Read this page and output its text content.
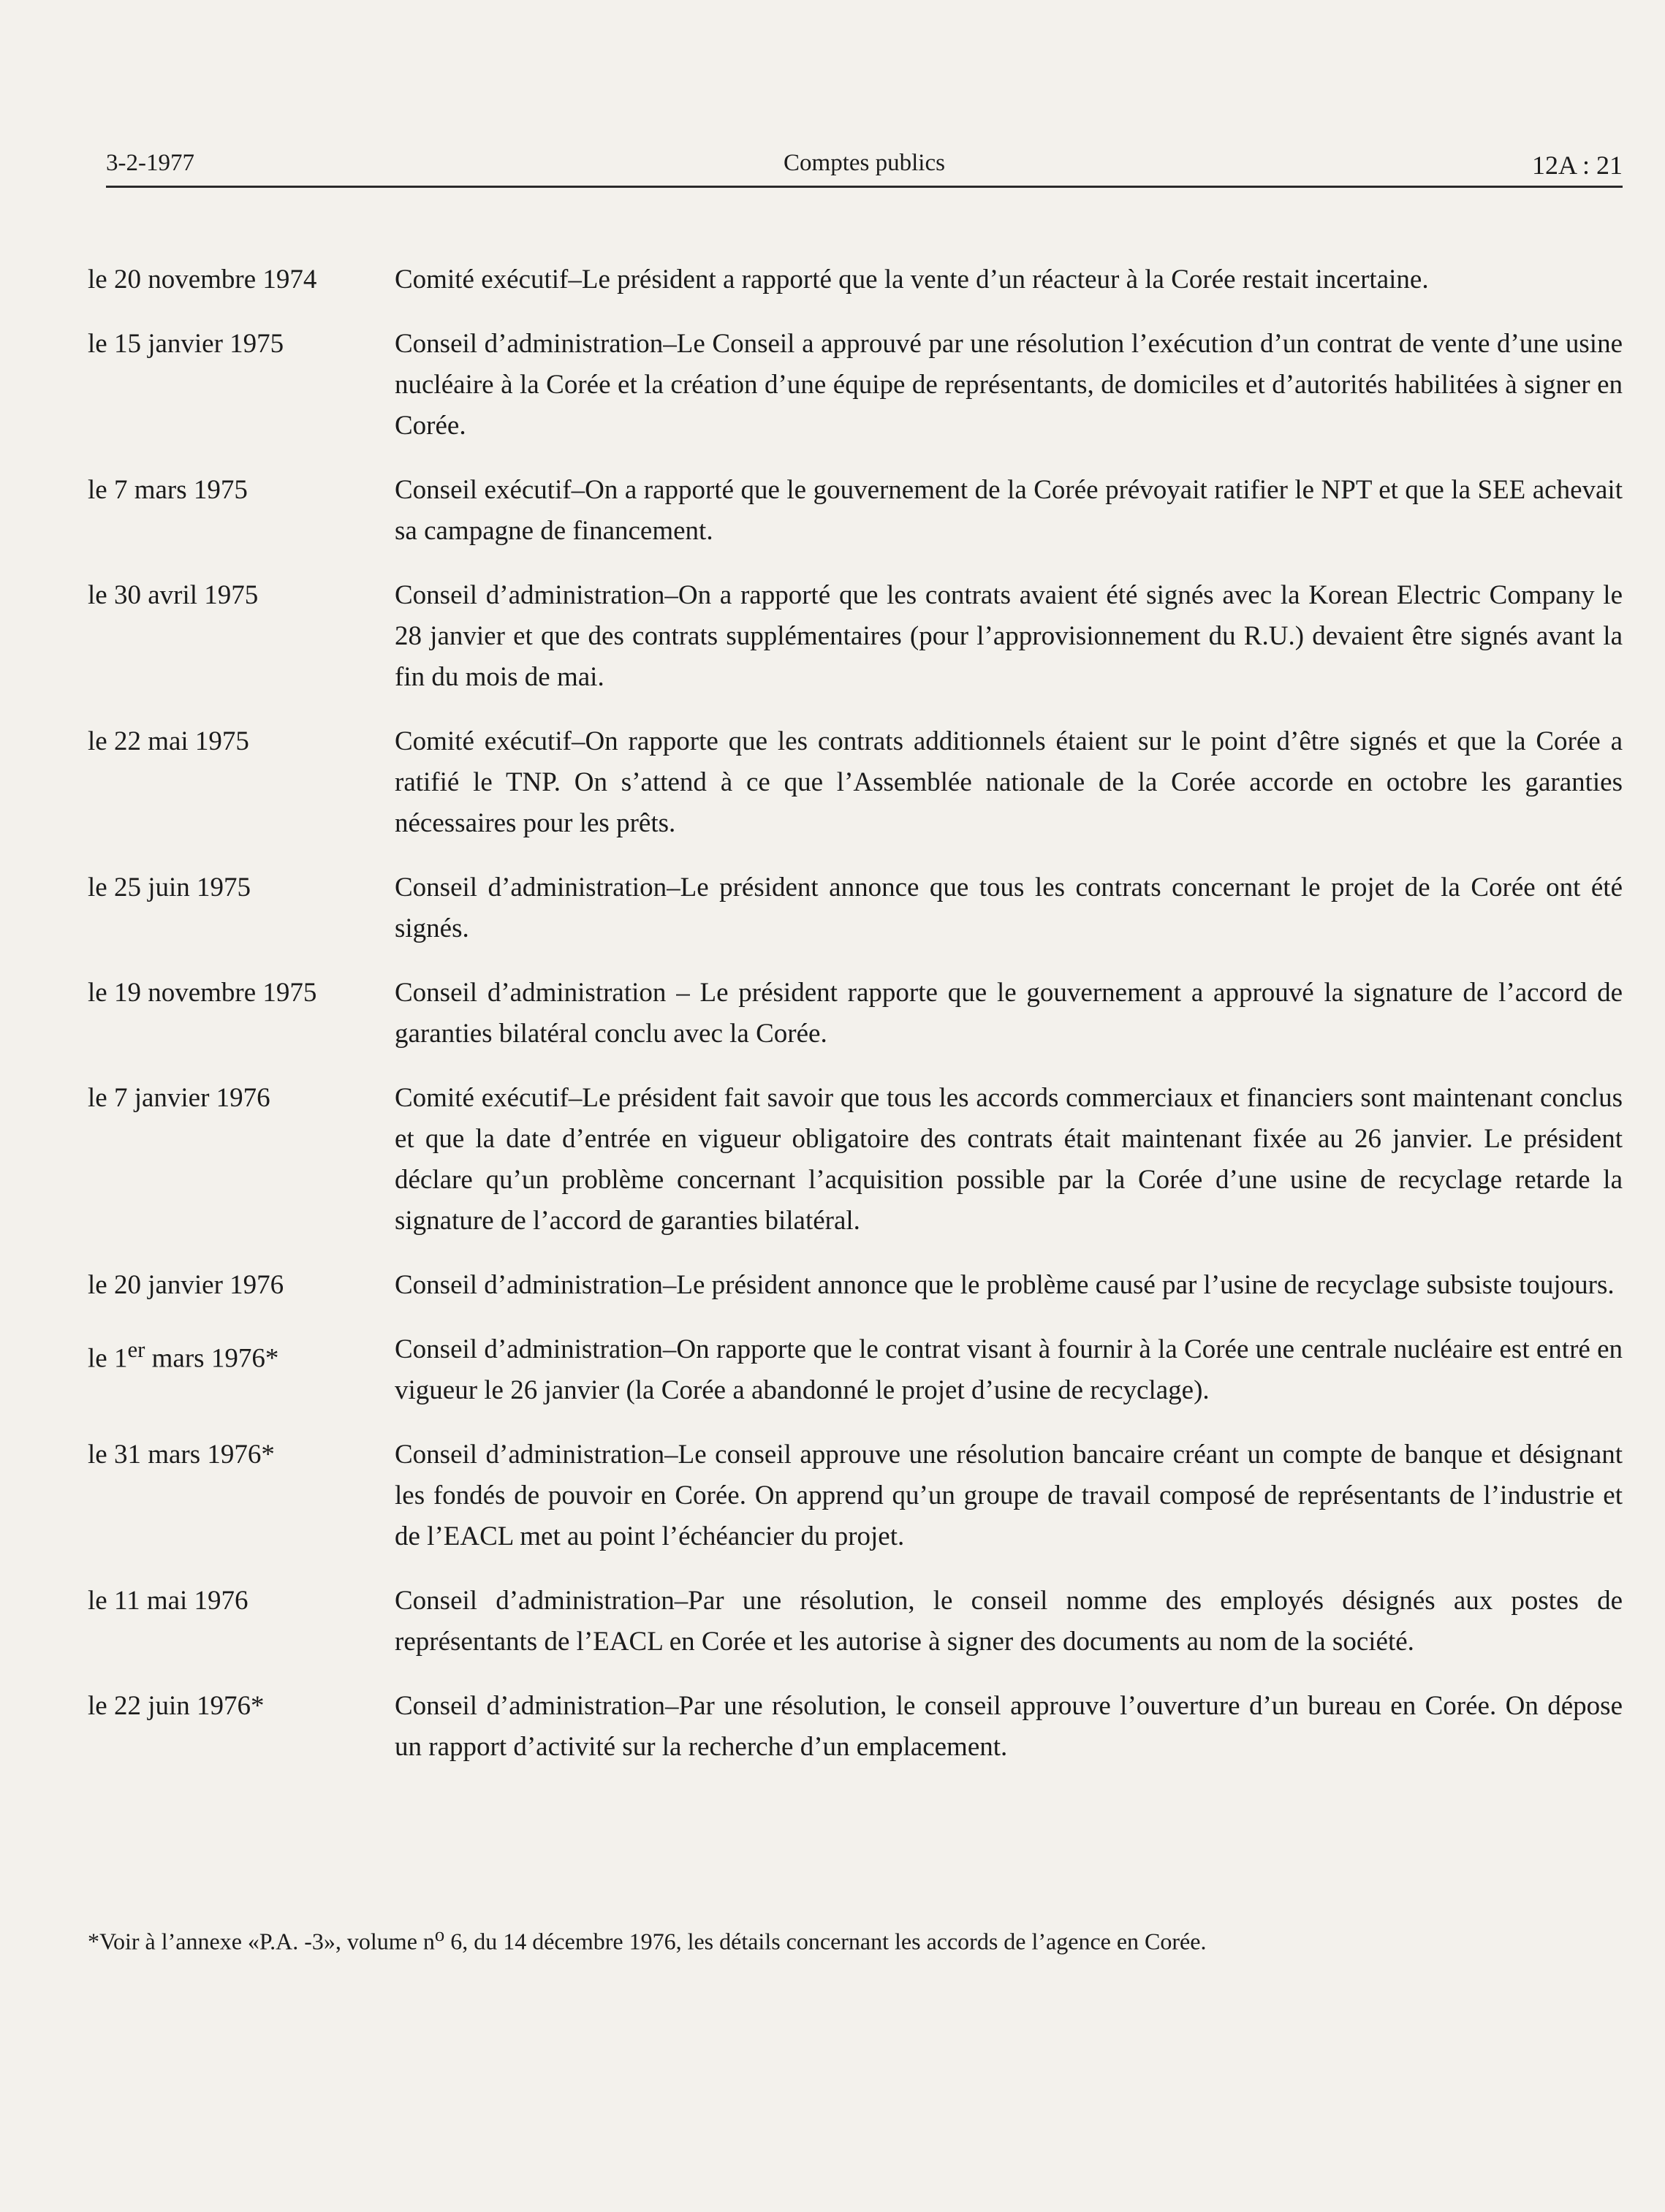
Comptes publics
3-2-1977	12A : 21
le 20 novembre 1974	Comité exécutif–Le président a rapporté que la vente d’un réacteur à la Corée restait incertaine.
le 15 janvier 1975	Conseil d’administration–Le Conseil a approuvé par une résolution l’exécution d’un contrat de vente d’une usine nucléaire à la Corée et la création d’une équipe de représentants, de domiciles et d’autorités habilitées à signer en Corée.
le 7 mars 1975	Conseil exécutif–On a rapporté que le gouvernement de la Corée prévoyait ratifier le NPT et que la SEE achevait sa campagne de financement.
le 30 avril 1975	Conseil d’administration–On a rapporté que les contrats avaient été signés avec la Korean Electric Company le 28 janvier et que des contrats supplémentaires (pour l’approvisionnement du R.U.) devaient être signés avant la fin du mois de mai.
le 22 mai 1975	Comité exécutif–On rapporte que les contrats additionnels étaient sur le point d’être signés et que la Corée a ratifié le TNP. On s’attend à ce que l’Assemblée nationale de la Corée accorde en octobre les garanties nécessaires pour les prêts.
le 25 juin 1975	Conseil d’administration–Le président annonce que tous les contrats concernant le projet de la Corée ont été signés.
le 19 novembre 1975	Conseil d’administration – Le président rapporte que le gouvernement a approuvé la signature de l’accord de garanties bilatéral conclu avec la Corée.
le 7 janvier 1976	Comité exécutif–Le président fait savoir que tous les accords commerciaux et financiers sont maintenant conclus et que la date d’entrée en vigueur obligatoire des contrats était maintenant fixée au 26 janvier. Le président déclare qu’un problème concernant l’acquisition possible par la Corée d’une usine de recyclage retarde la signature de l’accord de garanties bilatéral.
le 20 janvier 1976	Conseil d’administration–Le président annonce que le problème causé par l’usine de recyclage subsiste toujours.
le 1er mars 1976*	Conseil d’administration–On rapporte que le contrat visant à fournir à la Corée une centrale nucléaire est entré en vigueur le 26 janvier (la Corée a abandonné le projet d’usine de recyclage).
le 31 mars 1976*	Conseil d’administration–Le conseil approuve une résolution bancaire créant un compte de banque et désignant les fondés de pouvoir en Corée. On apprend qu’un groupe de travail composé de représentants de l’industrie et de l’EACL met au point l’échéancier du projet.
le 11 mai 1976	Conseil d’administration–Par une résolution, le conseil nomme des employés désignés aux postes de représentants de l’EACL en Corée et les autorise à signer des documents au nom de la société.
le 22 juin 1976*	Conseil d’administration–Par une résolution, le conseil approuve l’ouverture d’un bureau en Corée. On dépose un rapport d’activité sur la recherche d’un emplacement.
*Voir à l’annexe «P.A. -3», volume $n^o$ 6, du 14 décembre 1976, les détails concernant les accords de l’agence en Corée.
